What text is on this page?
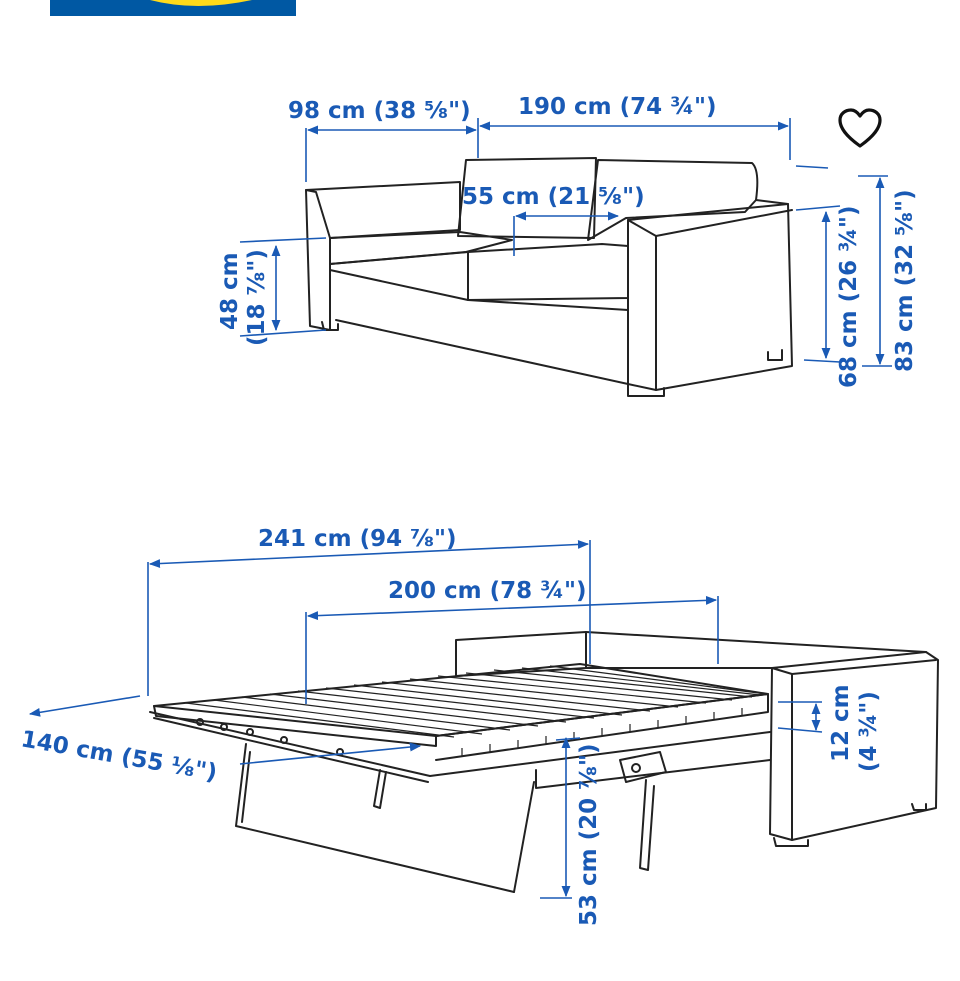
98 cm (38 ⁵⁄₈") 190 cm (74 ¾")
55 cm (21 ⁵⁄₈")
48 cm (18 ⅞")	68 cm (26 ¾") 83 cm (32 ⁵⁄₈")
241 cm (94 ⅞")
200 cm (78 ¾")
140 cm (55 ⅛")	12 cm (4 ¾")
53 cm (20 ⅞")
